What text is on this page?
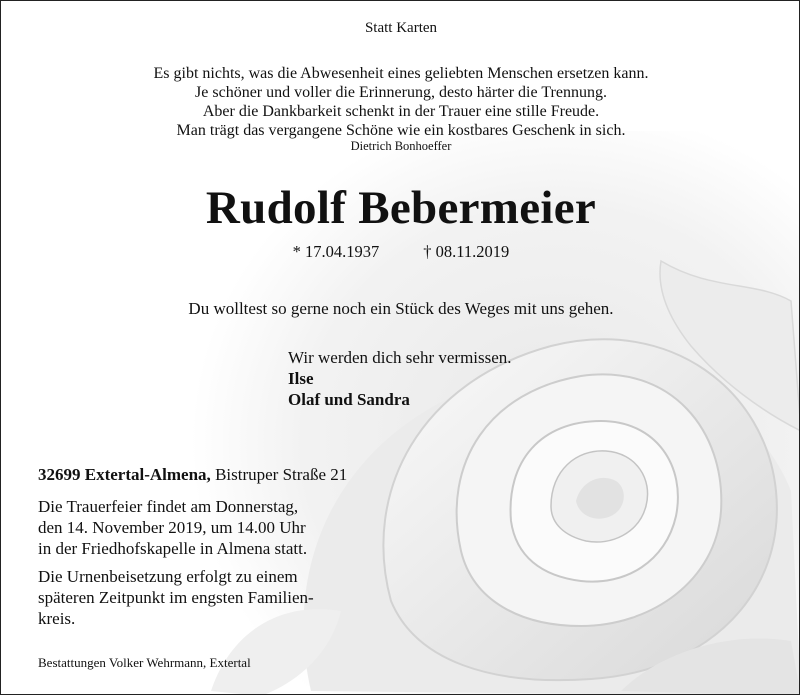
Statt Karten
Es gibt nichts, was die Abwesenheit eines geliebten Menschen ersetzen kann.
Je schöner und voller die Erinnerung, desto härter die Trennung.
Aber die Dankbarkeit schenkt in der Trauer eine stille Freude.
Man trägt das vergangene Schöne wie ein kostbares Geschenk in sich.
Dietrich Bonhoeffer
Rudolf Bebermeier
* 17.04.1937	† 08.11.2019
Du wolltest so gerne noch ein Stück des Weges mit uns gehen.
Wir werden dich sehr vermissen.
Ilse
Olaf und Sandra
32699 Extertal-Almena, Bistruper Straße 21
Die Trauerfeier findet am Donnerstag,
den 14. November 2019, um 14.00 Uhr
in der Friedhofskapelle in Almena statt.
Die Urnenbeisetzung erfolgt zu einem
späteren Zeitpunkt im engsten Familien-
kreis.
Bestattungen Volker Wehrmann, Extertal
